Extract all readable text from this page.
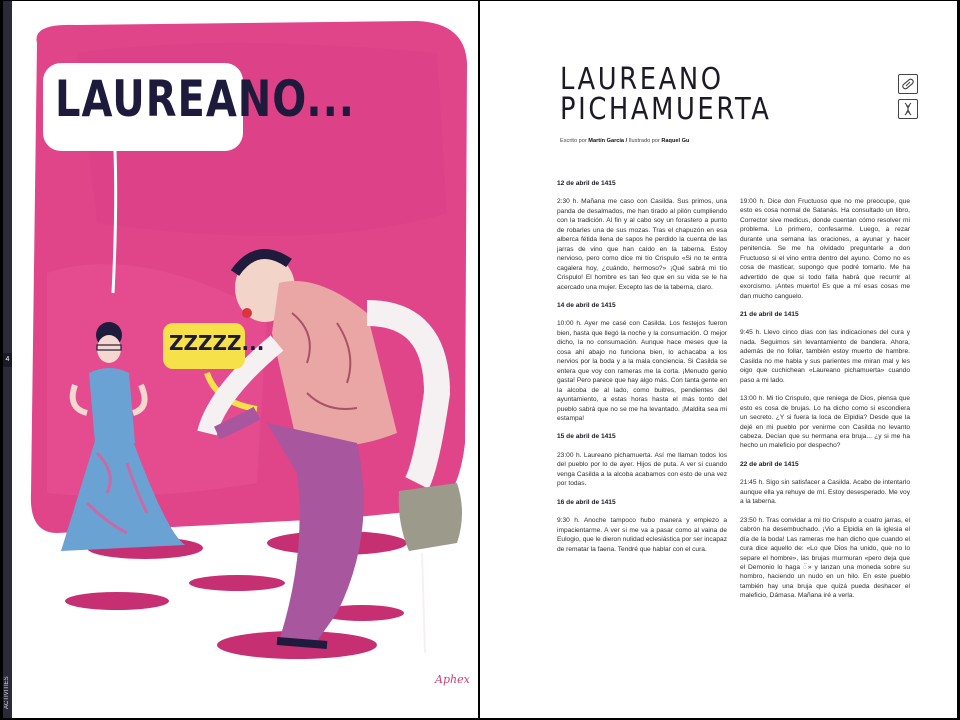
4
ACTIVITIES
LAUREANO...
ZZZZZ...
Aphex
LAUREANO
PICHAMUERTA
Escrito por Martín García / Ilustrado por Raquel Gu
12 de abril de 1415
2:30 h. Mañana me caso con Casilda. Sus primos, una panda de desalmados, me han tirado al pilón cumpliendo con la tradición. Al fin y al cabo soy un forastero a punto de robarles una de sus mozas. Tras el chapuzón en esa alberca fétida llena de sapos he perdido la cuenta de las jarras de vino que han caído en la taberna. Estoy nervioso, pero como dice mi tío Crispulo «Si no te entra cagalera hoy, ¿cuándo, hermoso?» ¡Qué sabrá mi tío Crispulo! El hombre es tan feo que en su vida se le ha acercado una mujer. Excepto las de la taberna, claro.
14 de abril de 1415
10:00 h. Ayer me casé con Casilda. Los festejos fueron bien, hasta que llegó la noche y la consumación. O mejor dicho, la no consumación. Aunque hace meses que la cosa ahí abajo no funciona bien, lo achacaba a los nervios por la boda y a la mala conciencia. Si Casilda se entera que voy con rameras me la corta. ¡Menudo genio gasta! Pero parece que hay algo más. Con tanta gente en la alcoba de al lado, como buitres, pendientes del ayuntamiento, a estas horas hasta el más tonto del pueblo sabrá que no se me ha levantado. ¡Maldita sea mi estampa!
15 de abril de 1415
23:00 h. Laureano pichamuerta. Así me llaman todos los del pueblo por lo de ayer. Hijos de puta. A ver si cuando venga Casilda a la alcoba acabamos con esto de una vez por todas.
16 de abril de 1415
9:30 h. Anoche tampoco hubo manera y empiezo a impacientarme. A ver si me va a pasar como al vaina de Eulogio, que le dieron nulidad eclesiástica por ser incapaz de rematar la faena. Tendré que hablar con el cura.
19:00 h. Dice don Fructuoso que no me preocupe, que esto es cosa normal de Satanás. Ha consultado un libro, Corrector sive medicus, donde cuentan cómo resolver mi problema. Lo primero, confesarme. Luego, a rezar durante una semana las oraciones, a ayunar y hacer penitencia. Se me ha olvidado preguntarle a don Fructuoso si el vino entra dentro del ayuno. Como no es cosa de masticar, supongo que podré tomarlo. Me ha advertido de que si todo falla habrá que recurrir al exorcismo. ¡Antes muerto! Es que a mí esas cosas me dan mucho canguelo.
21 de abril de 1415
9:45 h. Llevo cinco días con las indicaciones del cura y nada. Seguimos sin levantamiento de bandera. Ahora, además de no follar, también estoy muerto de hambre. Casilda no me habla y sus parientes me miran mal y les oigo que cuchichean «Laureano pichamuerta» cuando paso a mi lado.
13:00 h. Mi tío Crispulo, que reniega de Dios, piensa que esto es cosa de brujas. Lo ha dicho como si escondiera un secreto. ¿Y si fuera la loca de Elpidia? Desde que la dejé en mi pueblo por venirme con Casilda no levanto cabeza. Decían que su hermana era bruja... ¿y si me ha hecho un maleficio por despecho?
22 de abril de 1415
21:45 h. Sigo sin satisfacer a Casilda. Acabo de intentarlo aunque ella ya rehuye de mí. Estoy desesperado. Me voy a la taberna.
23:50 h. Tras convidar a mi tío Crispulo a cuatro jarras, el cabrón ha desembuchado. ¡Vio a Elpidia en la iglesia el día de la boda! Las rameras me han dicho que cuando el cura dice aquello de: «Lo que Dios ha unido, que no lo separe el hombre», las brujas murmuran «pero deja que el Demonio lo haga ◌̈» y lanzan una moneda sobre su hombro, haciendo un nudo en un hilo. En este pueblo también hay una bruja que quizá pueda deshacer el maleficio, Dámasa. Mañana iré a verla.
